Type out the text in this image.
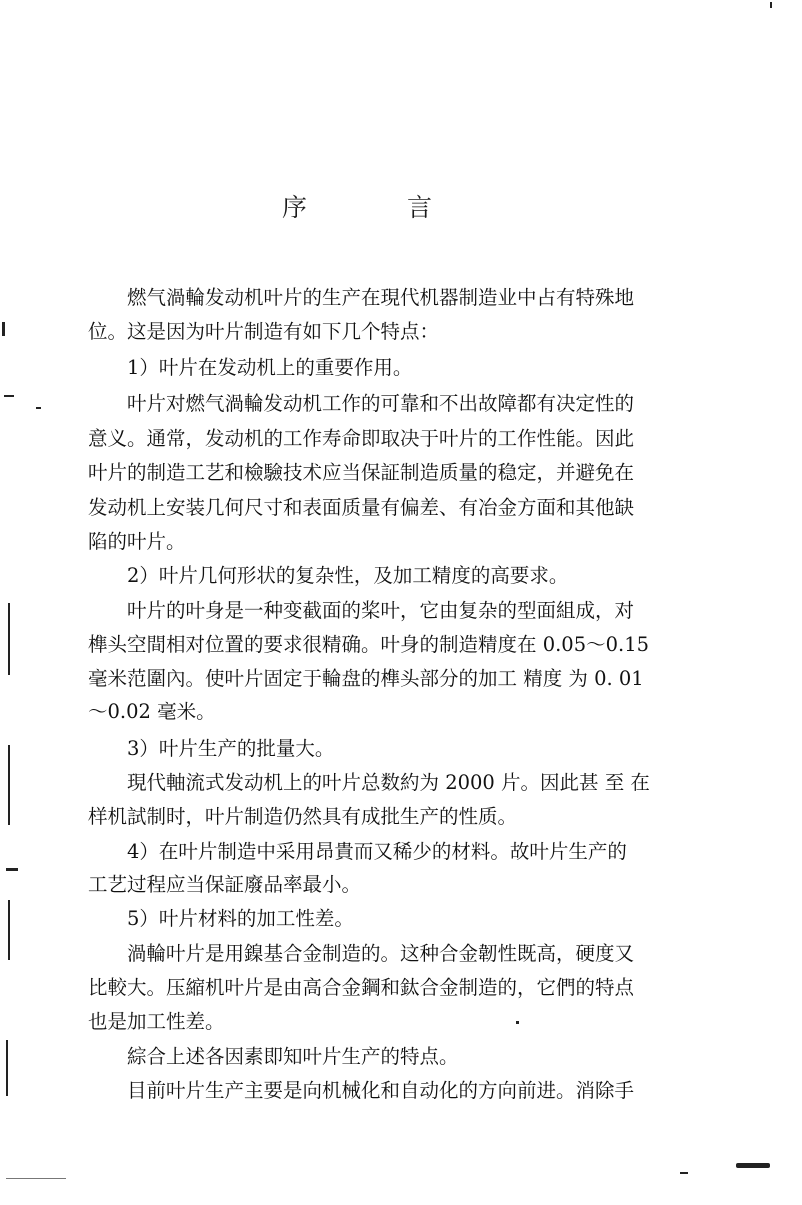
序 言
　　燃气渦輪发动机叶片的生产在現代机器制造业中占有特殊地
位。这是因为叶片制造有如下几个特点：
　　1）叶片在发动机上的重要作用。
　　叶片对燃气渦輪发动机工作的可靠和不出故障都有决定性的
意义。通常，发动机的工作寿命即取决于叶片的工作性能。因此
叶片的制造工艺和檢驗技术应当保証制造质量的稳定，并避免在
发动机上安装几何尺寸和表面质量有偏差、有冶金方面和其他缺
陷的叶片。
　　2）叶片几何形状的复杂性，及加工精度的高要求。
　　叶片的叶身是一种变截面的桨叶，它由复杂的型面組成，对
榫头空間相对位置的要求很精确。叶身的制造精度在 0.05～0.15
毫米范圍內。使叶片固定于輪盘的榫头部分的加工 精度 为 0. 01
～0.02 毫米。
　　3）叶片生产的批量大。
　　現代軸流式发动机上的叶片总数約为 2000 片。因此甚 至 在
样机試制时，叶片制造仍然具有成批生产的性质。
　　4）在叶片制造中采用昂貴而又稀少的材料。故叶片生产的
工艺过程应当保証廢品率最小。
　　5）叶片材料的加工性差。
　　渦輪叶片是用鎳基合金制造的。这种合金韌性既高，硬度又
比較大。压縮机叶片是由高合金鋼和鈦合金制造的，它們的特点
也是加工性差。
　　綜合上述各因素即知叶片生产的特点。
　　目前叶片生产主要是向机械化和自动化的方向前进。消除手
